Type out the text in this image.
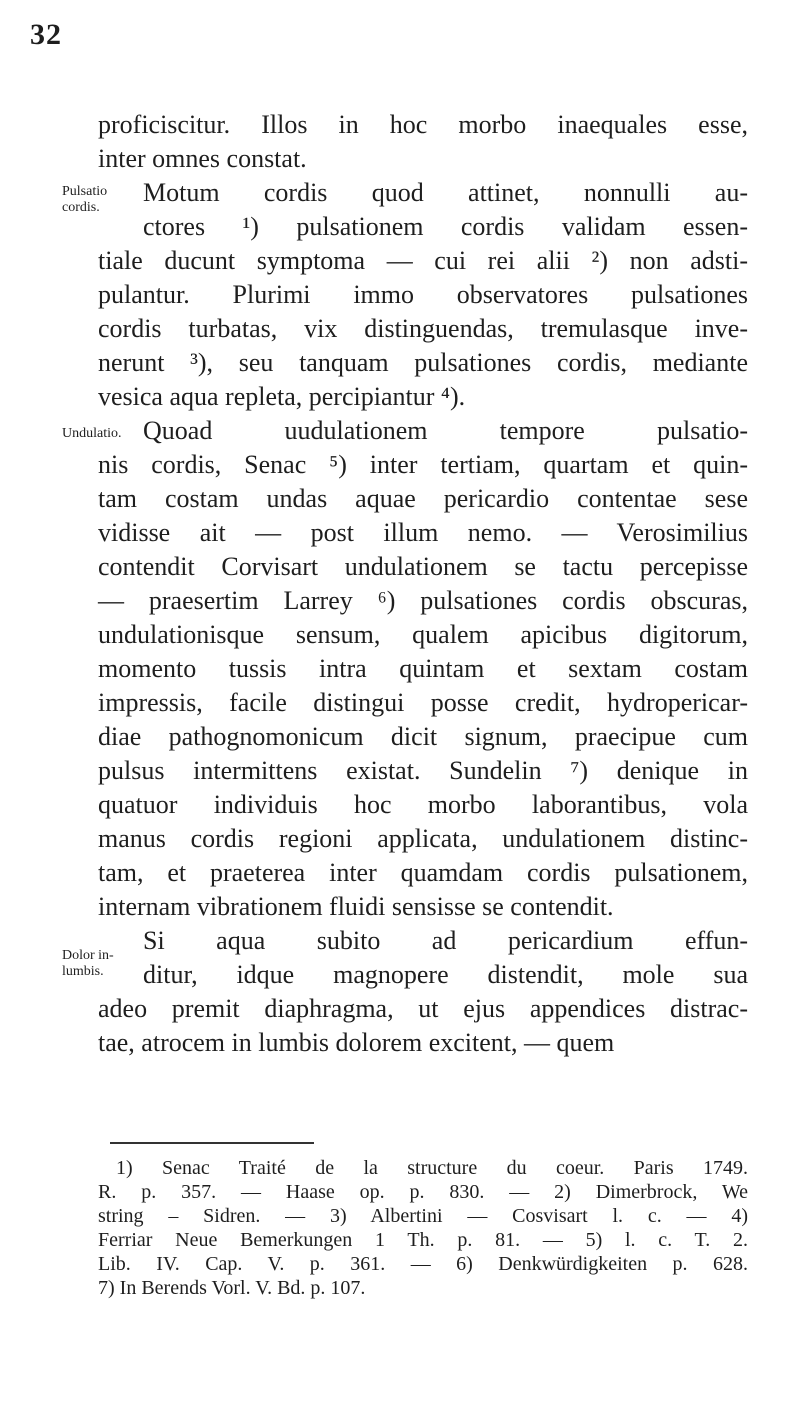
32
proficiscitur. Illos in hoc morbo inaequales esse,
inter omnes constat.
Pulsatio
cordis.
Motum cordis quod attinet, nonnulli au-
ctores ¹) pulsationem cordis validam essen-
tiale ducunt symptoma — cui rei alii ²) non adsti-
pulantur. Plurimi immo observatores pulsationes
cordis turbatas, vix distinguendas, tremulasque inve-
nerunt ³), seu tanquam pulsationes cordis, mediante
vesica aqua repleta, percipiantur ⁴).
Undulatio. Quoad uudulationem tempore pulsatio-
nis cordis, Senac ⁵) inter tertiam, quartam et quin-
tam costam undas aquae pericardio contentae sese
vidisse ait — post illum nemo. — Verosimilius
contendit Corvisart undulationem se tactu percepisse
— praesertim Larrey ⁶) pulsationes cordis obscuras,
undulationisque sensum, qualem apicibus digitorum,
momento tussis intra quintam et sextam costam
impressis, facile distingui posse credit, hydropericar-
diae pathognomonicum dicit signum, praecipue cum
pulsus intermittens existat. Sundelin ⁷) denique in
quatuor individuis hoc morbo laborantibus, vola
manus cordis regioni applicata, undulationem distinc-
tam, et praeterea inter quamdam cordis pulsationem,
internam vibrationem fluidi sensisse se contendit.
Dolor in-
lumbis.
Si aqua subito ad pericardium effun-
ditur, idque magnopere distendit, mole sua
adeo premit diaphragma, ut ejus appendices distrac-
tae, atrocem in lumbis dolorem excitent, — quem
1) Senac Traité de la structure du coeur. Paris 1749.
R. p. 357. — Haase op. p. 830. — 2) Dimerbrock, We
string – Sidren. — 3) Albertini — Cosvisart l. c. — 4)
Ferriar Neue Bemerkungen 1 Th. p. 81. — 5) l. c. T. 2.
Lib. IV. Cap. V. p. 361. — 6) Denkwürdigkeiten p. 628.
7) In Berends Vorl. V. Bd. p. 107.
